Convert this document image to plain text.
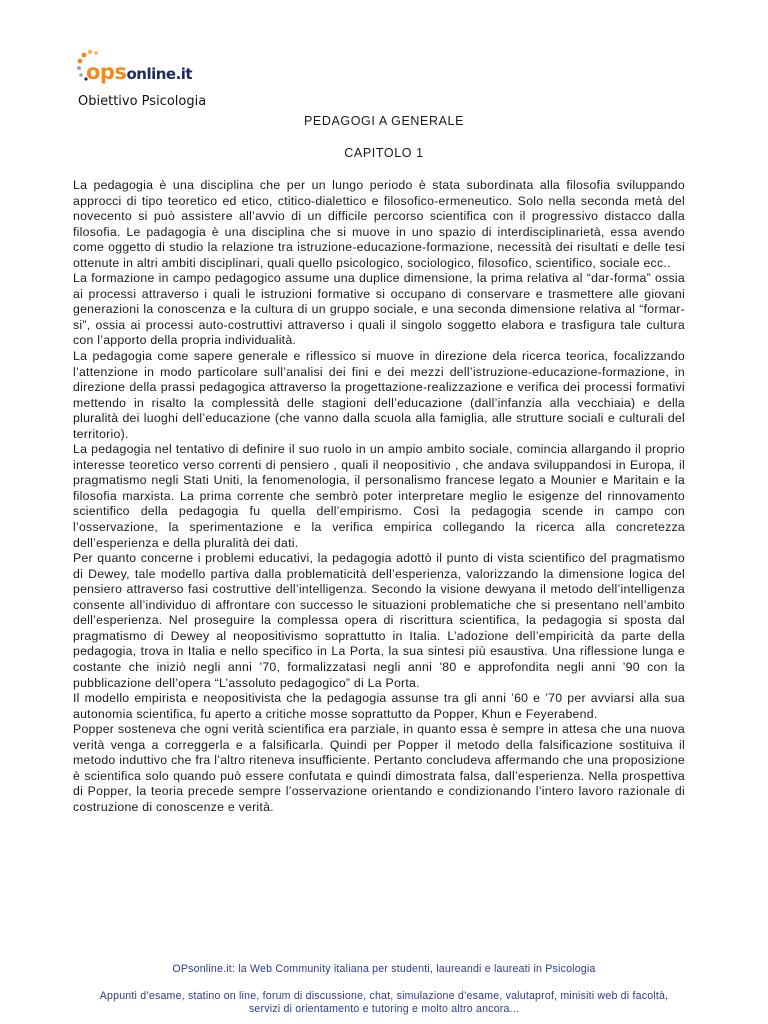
opsonline.it
Obiettivo Psicologia
PEDAGOGI A GENERALE
CAPITOLO 1

La pedagogia è una disciplina che per un lungo periodo è stata subordinata alla filosofia sviluppando approcci di tipo teoretico ed etico, ctitico-dialettico e filosofico-ermeneutico. Solo nella seconda metà del novecento si può assistere all’avvio di un difficile percorso scientifica con il progressivo distacco dalla filosofia. Le padagogia è una disciplina che si muove in uno spazio di interdisciplinarietà, essa avendo come oggetto di studio la relazione tra istruzione-educazione-formazione, necessità dei risultati e delle tesi ottenute in altri ambiti disciplinari, quali quello psicologico, sociologico, filosofico, scientifico, sociale ecc..

La formazione in campo pedagogico assume una duplice dimensione, la prima relativa al “dar-forma” ossia ai processi attraverso i quali le istruzioni formative si occupano di conservare e trasmettere alle giovani generazioni la conoscenza e la cultura di un gruppo sociale, e una seconda dimensione relativa al “formar-si”, ossia ai processi auto-costruttivi attraverso i quali il singolo soggetto elabora e trasfigura tale cultura con l’apporto della propria individualità.

La pedagogia come sapere generale e riflessico si muove in direzione dela ricerca teorica, focalizzando l’attenzione in modo particolare sull’analisi dei fini e dei mezzi dell’istruzione-educazione-formazione, in direzione della prassi pedagogica attraverso la progettazione-realizzazione e verifica dei processi formativi mettendo in risalto la complessità delle stagioni dell’educazione (dall’infanzia alla vecchiaia) e della pluralità dei luoghi dell’educazione (che vanno dalla scuola alla famiglia, alle strutture sociali e culturali del territorio).

La pedagogia nel tentativo di definire il suo ruolo in un ampio ambito sociale, comincia allargando il proprio interesse teoretico verso correnti di pensiero , quali il neopositivio , che andava sviluppandosi in Europa, il pragmatismo negli Stati Uniti, la fenomenologia, il personalismo francese legato a Mounier e Maritain e la filosofia marxista. La prima corrente che sembrò poter interpretare meglio le esigenze del rinnovamento scientifico della pedagogia fu quella dell’empirismo. Così la pedagogia scende in campo con l’osservazione, la sperimentazione e la verifica empirica collegando la ricerca alla concretezza dell’esperienza e della pluralità dei dati.

Per quanto concerne i problemi educativi, la pedagogia adottò il punto di vista scientifico del pragmatismo di Dewey, tale modello partiva dalla problematicità dell’esperienza, valorizzando la dimensione logica del pensiero attraverso fasi costruttive dell’intelligenza. Secondo la visione dewyana il metodo dell’intelligenza consente all’individuo di affrontare con successo le situazioni problematiche che si presentano nell’ambito dell’esperienza. Nel proseguire la complessa opera di riscrittura scientifica, la pedagogia si sposta dal pragmatismo di Dewey al neopositivismo soprattutto in Italia. L’adozione dell’empiricità da parte della pedagogia, trova in Italia e nello specifico in La Porta, la sua sintesi più esaustiva. Una riflessione lunga e costante che iniziò negli anni ’70, formalizzatasi negli anni ’80 e approfondita negli anni ’90 con la pubblicazione dell’opera “L’assoluto pedagogico” di La Porta.

Il modello empirista e neopositivista che la pedagogia assunse tra gli anni ’60 e ’70 per avviarsi alla sua autonomia scientifica, fu aperto a critiche mosse soprattutto da Popper, Khun e Feyerabend.

Popper sosteneva che ogni verità scientifica era parziale, in quanto essa è sempre in attesa che una nuova verità venga a correggerla e a falsificarla. Quindi per Popper il metodo della falsificazione sostituiva il metodo induttivo che fra l’altro riteneva insufficiente. Pertanto concludeva affermando che una proposizione è scientifica solo quando può essere confutata e quindi dimostrata falsa, dall’esperienza. Nella prospettiva di Popper, la teoria precede sempre l’osservazione orientando e condizionando l’intero lavoro razionale di costruzione di conoscenze e verità.

OPsonline.it: la Web Community italiana per studenti, laureandi e laureati in Psicologia
Appunti d’esame, statino on line, forum di discussione, chat, simulazione d’esame, valutaprof, minisiti web di facoltà,
servizi di orientamento e tutoring e molto altro ancora...
